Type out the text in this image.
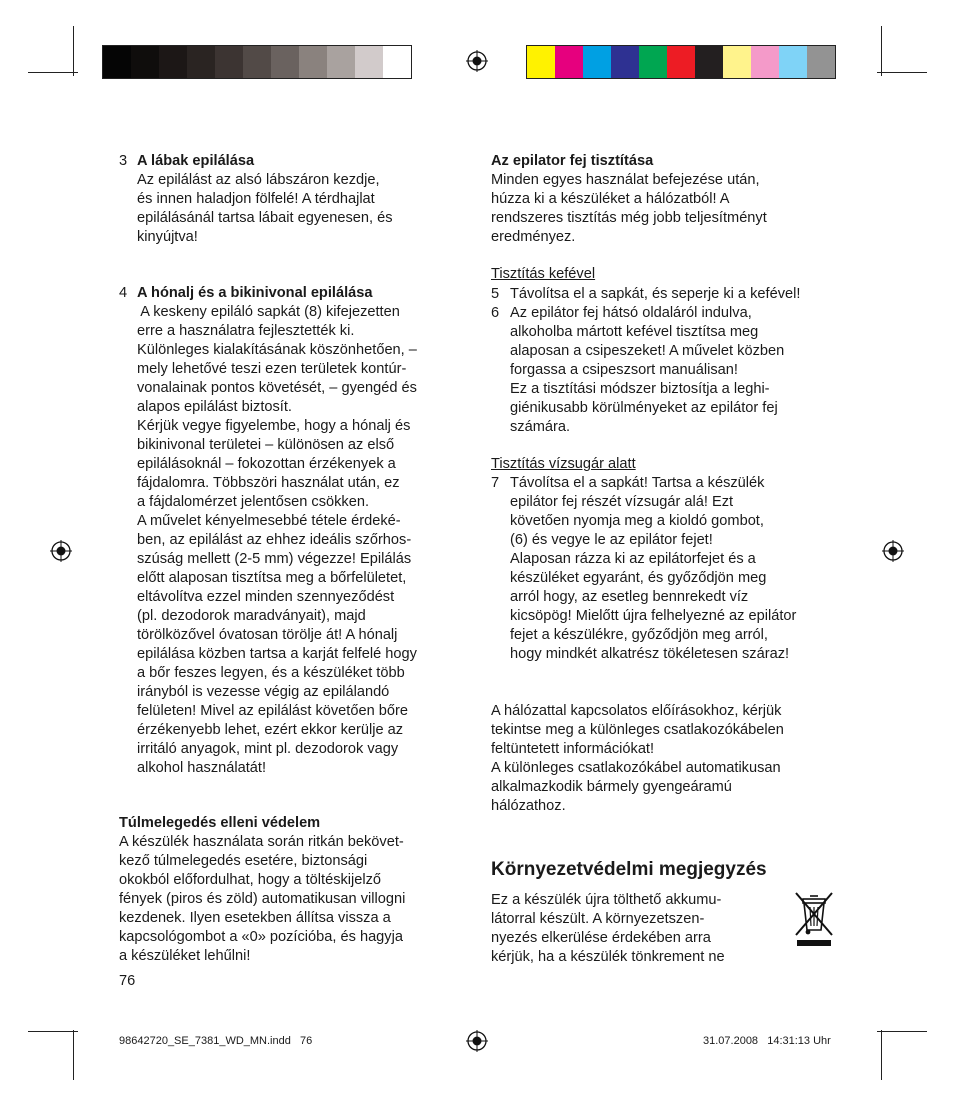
3 A lábak epilálása
Az epilálást az alsó lábszáron kezdje,
és innen haladjon fölfelé! A térdhajlat
epilálásánál tartsa lábait egyenesen, és
kinyújtva!
4 A hónalj és a bikinivonal epilálása
A keskeny epiláló sapkát (8) kifejezetten
erre a használatra fejlesztették ki.
Különleges kialakításának köszönhetően, –
mely lehetővé teszi ezen területek kontúr-
vonalainak pontos követését, – gyengéd és
alapos epilálást biztosít.
Kérjük vegye figyelembe, hogy a hónalj és
bikinivonal területei – különösen az első
epilálásoknál – fokozottan érzékenyek a
fájdalomra. Többszöri használat után, ez
a fájdalomérzet jelentősen csökken.
A művelet kényelmesebbé tétele érdeké-
ben, az epilálást az ehhez ideális szőrhos-
szúság mellett (2-5 mm) végezze! Epilálás
előtt alaposan tisztítsa meg a bőrfelületet,
eltávolítva ezzel minden szennyeződést
(pl. dezodorok maradványait), majd
törölközővel óvatosan törölje át! A hónalj
epilálása közben tartsa a karját felfelé hogy
a bőr feszes legyen, és a készüléket több
irányból is vezesse végig az epilálandó
felületen! Mivel az epilálást követően bőre
érzékenyebb lehet, ezért ekkor kerülje az
irritáló anyagok, mint pl. dezodorok vagy
alkohol használatát!
Túlmelegedés elleni védelem
A készülék használata során ritkán bekövet-
kező túlmelegedés esetére, biztonsági
okokból előfordulhat, hogy a töltéskijelző
fények (piros és zöld) automatikusan villogni
kezdenek. Ilyen esetekben állítsa vissza a
kapcsológombot a «0» pozícióba, és hagyja
a készüléket lehűlni!
76
Az epilator fej tisztítása
Minden egyes használat befejezése után,
húzza ki a készüléket a hálózatból! A
rendszeres tisztítás még jobb teljesítményt
eredményez.
Tisztítás kefével
5 Távolítsa el a sapkát, és seperje ki a kefével!
6 Az epilátor fej hátsó oldaláról indulva,
alkoholba mártott kefével tisztítsa meg
alaposan a csipeszeket! A művelet közben
forgassa a csipeszsort manuálisan!
Ez a tisztítási módszer biztosítja a leghi-
giénikusabb körülményeket az epilátor fej
számára.
Tisztítás vízsugár alatt
7 Távolítsa el a sapkát! Tartsa a készülék
epilátor fej részét vízsugár alá! Ezt
követően nyomja meg a kioldó gombot,
(6) és vegye le az epilátor fejet!
Alaposan rázza ki az epilátorfejet és a
készüléket egyaránt, és győződjön meg
arról hogy, az esetleg bennrekedt víz
kicsöpög! Mielőtt újra felhelyezné az epilátor
fejet a készülékre, győződjön meg arról,
hogy mindkét alkatrész tökéletesen száraz!
A hálózattal kapcsolatos előírásokhoz, kérjük
tekintse meg a különleges csatlakozókábelen
feltüntetett információkat!
A különleges csatlakozókábel automatikusan
alkalmazkodik bármely gyengeáramú
hálózathoz.
Környezetvédelmi megjegyzés
Ez a készülék újra tölthető akkumu-
látorral készült. A környezetszen-
nyezés elkerülése érdekében arra
kérjük, ha a készülék tönkrement ne
98642720_SE_7381_WD_MN.indd   76	31.07.2008   14:31:13 Uhr
